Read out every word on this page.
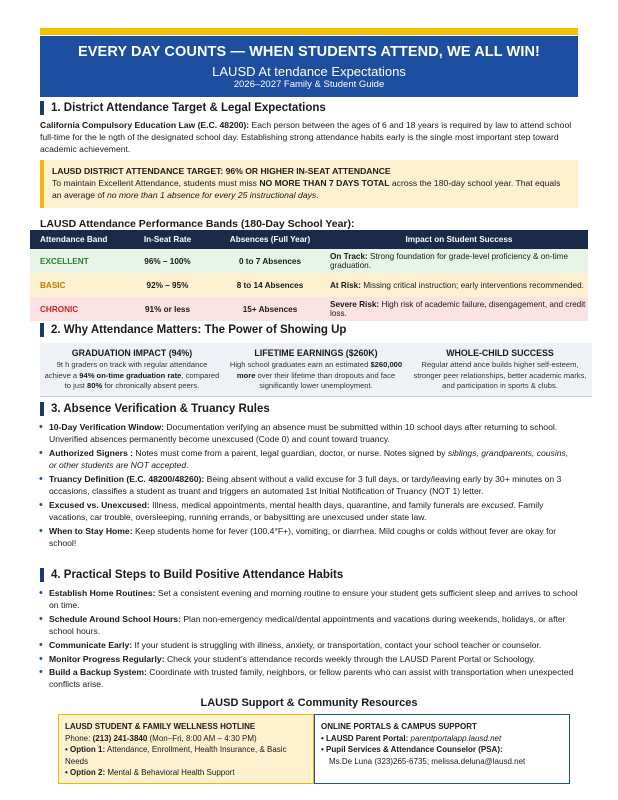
EVERY DAY COUNTS — WHEN STUDENTS ATTEND, WE ALL WIN!
LAUSD At tendance Expectations
2026–2027 Family & Student Guide
1. District Attendance Target & Legal Expectations
California Compulsory Education Law (E.C. 48200): Each person between the ages of 6 and 18 years is required by law to attend school full-time for the le ngth of the designated school day. Establishing strong attendance habits early is the single most important step toward academic achievement.
LAUSD DISTRICT ATTENDANCE TARGET: 96% OR HIGHER IN-SEAT ATTENDANCE
To maintain Excellent Attendance, students must miss NO MORE THAN 7 DAYS TOTAL across the 180-day school year. That equals an average of no more than 1 absence for every 25 instructional days.
LAUSD Attendance Performance Bands (180-Day School Year):
Attendance Band	In-Seat Rate	Absences (Full Year)	Impact on Student Success
EXCELLENT	96% – 100%	0 to 7 Absences	On Track: Strong foundation for grade-level proficiency & on-time graduation.
BASIC	92% – 95%	8 to 14 Absences	At Risk: Missing critical instruction; early interventions recommended.
CHRONIC	91% or less	15+ Absences	Severe Risk: High risk of academic failure, disengagement, and credit loss.
2. Why Attendance Matters: The Power of Showing Up
GRADUATION IMPACT (94%)
9t h graders on track with regular attendance achieve a 94% on-time graduation rate, compared to just 80% for chronically absent peers.
LIFETIME EARNINGS ($260K)
High school graduates earn an estimated $260,000 more over their lifetime than dropouts and face significantly lower unemployment.
WHOLE-CHILD SUCCESS
Regular attend ance builds higher self-esteem, stronger peer relationships, better academic marks, and participation in sports & clubs.
3. Absence Verification & Truancy Rules
• 10-Day Verification Window: Documentation verifying an absence must be submitted within 10 school days after returning to school. Unverified absences permanently become unexcused (Code 0) and count toward truancy.
• Authorized Signers : Notes must come from a parent, legal guardian, doctor, or nurse. Notes signed by siblings, grandparents, cousins, or other students are NOT accepted.
• Truancy Definition (E.C. 48200/48260): Being absent without a valid excuse for 3 full days, or tardy/leaving early by 30+ minutes on 3 occasions, classifies a student as truant and triggers an automated 1st Initial Notification of Truancy (NOT 1) letter.
• Excused vs. Unexcused: Illness, medical appointments, mental health days, quarantine, and family funerals are excused. Family vacations, car trouble, oversleeping, running errands, or babysitting are unexcused under state law.
• When to Stay Home: Keep students home for fever (100.4°F+), vomiting, or diarrhea. Mild coughs or colds without fever are okay for school!
4. Practical Steps to Build Positive Attendance Habits
• Establish Home Routines: Set a consistent evening and morning routine to ensure your student gets sufficient sleep and arrives to school on time.
• Schedule Around School Hours: Plan non-emergency medical/dental appointments and vacations during weekends, holidays, or after school hours.
• Communicate Early: If your student is struggling with illness, anxiety, or transportation, contact your school teacher or counselor.
• Monitor Progress Regularly: Check your student's attendance records weekly through the LAUSD Parent Portal or Schoology.
• Build a Backup System: Coordinate with trusted family, neighbors, or fellow parents who can assist with transportation when unexpected conflicts arise.
LAUSD Support & Community Resources
LAUSD STUDENT & FAMILY WELLNESS HOTLINE
Phone: (213) 241-3840 (Mon–Fri, 8:00 AM – 4:30 PM)
• Option 1: Attendance, Enrollment, Health Insurance, & Basic Needs
• Option 2: Mental & Behavioral Health Support
ONLINE PORTALS & CAMPUS SUPPORT
• LAUSD Parent Portal: parentportalapp.lausd.net
• Pupil Services & Attendance Counselor (PSA):
Ms.De Luna (323)265-6735; melissa.deluna@lausd.net
